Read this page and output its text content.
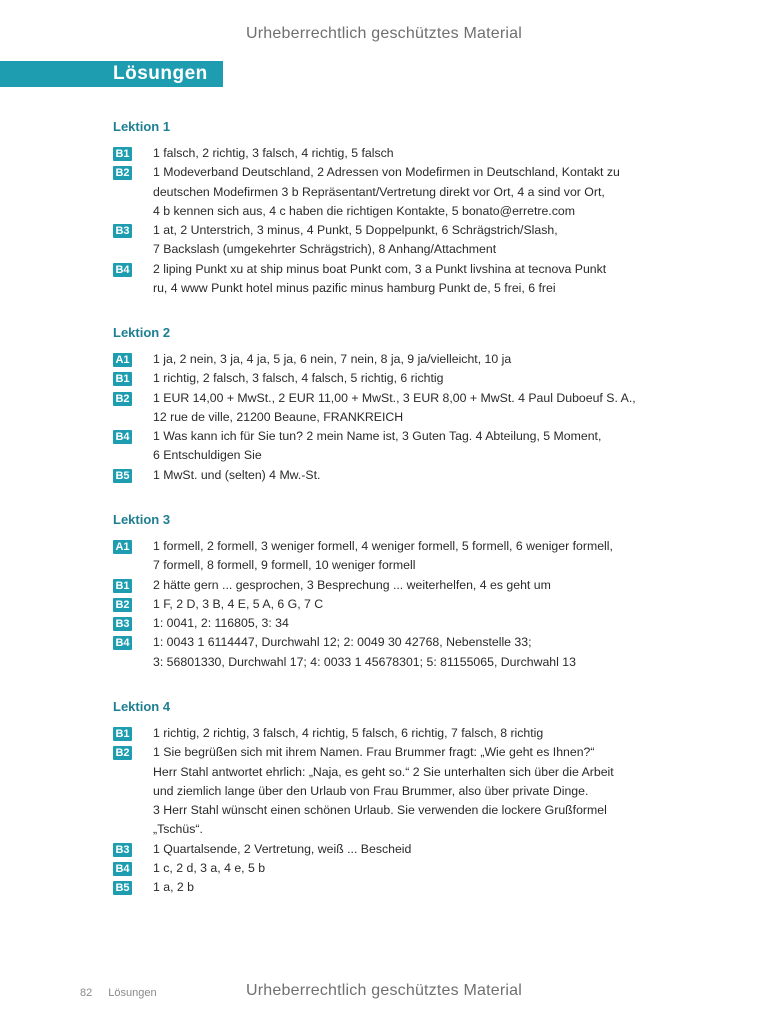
Urheberrechtlich geschütztes Material
Lösungen
Lektion 1
B1 1 falsch, 2 richtig, 3 falsch, 4 richtig, 5 falsch
B2 1 Modeverband Deutschland, 2 Adressen von Modefirmen in Deutschland, Kontakt zu
deutschen Modefirmen 3 b Repräsentant/Vertretung direkt vor Ort, 4 a sind vor Ort,
4 b kennen sich aus, 4 c haben die richtigen Kontakte, 5 bonato@erretre.com
B3 1 at, 2 Unterstrich, 3 minus, 4 Punkt, 5 Doppelpunkt, 6 Schrägstrich/Slash,
7 Backslash (umgekehrter Schrägstrich), 8 Anhang/Attachment
B4 2 liping Punkt xu at ship minus boat Punkt com, 3 a Punkt livshina at tecnova Punkt
ru, 4 www Punkt hotel minus pazific minus hamburg Punkt de, 5 frei, 6 frei
Lektion 2
A1 1 ja, 2 nein, 3 ja, 4 ja, 5 ja, 6 nein, 7 nein, 8 ja, 9 ja/vielleicht, 10 ja
B1 1 richtig, 2 falsch, 3 falsch, 4 falsch, 5 richtig, 6 richtig
B2 1 EUR 14,00 + MwSt., 2 EUR 11,00 + MwSt., 3 EUR 8,00 + MwSt. 4 Paul Duboeuf S. A.,
12 rue de ville, 21200 Beaune, FRANKREICH
B4 1 Was kann ich für Sie tun? 2 mein Name ist, 3 Guten Tag. 4 Abteilung, 5 Moment,
6 Entschuldigen Sie
B5 1 MwSt. und (selten) 4 Mw.-St.
Lektion 3
A1 1 formell, 2 formell, 3 weniger formell, 4 weniger formell, 5 formell, 6 weniger formell,
7 formell, 8 formell, 9 formell, 10 weniger formell
B1 2 hätte gern ... gesprochen, 3 Besprechung ... weiterhelfen, 4 es geht um
B2 1 F, 2 D, 3 B, 4 E, 5 A, 6 G, 7 C
B3 1: 0041, 2: 116805, 3: 34
B4 1: 0043 1 6114447, Durchwahl 12; 2: 0049 30 42768, Nebenstelle 33;
3: 56801330, Durchwahl 17; 4: 0033 1 45678301; 5: 81155065, Durchwahl 13
Lektion 4
B1 1 richtig, 2 richtig, 3 falsch, 4 richtig, 5 falsch, 6 richtig, 7 falsch, 8 richtig
B2 1 Sie begrüßen sich mit ihrem Namen. Frau Brummer fragt: „Wie geht es Ihnen?“
Herr Stahl antwortet ehrlich: „Naja, es geht so.“ 2 Sie unterhalten sich über die Arbeit
und ziemlich lange über den Urlaub von Frau Brummer, also über private Dinge.
3 Herr Stahl wünscht einen schönen Urlaub. Sie verwenden die lockere Grußformel
„Tschüs“.
B3 1 Quartalsende, 2 Vertretung, weiß ... Bescheid
B4 1 c, 2 d, 3 a, 4 e, 5 b
B5 1 a, 2 b
82 Lösungen	Urheberrechtlich geschütztes Material
